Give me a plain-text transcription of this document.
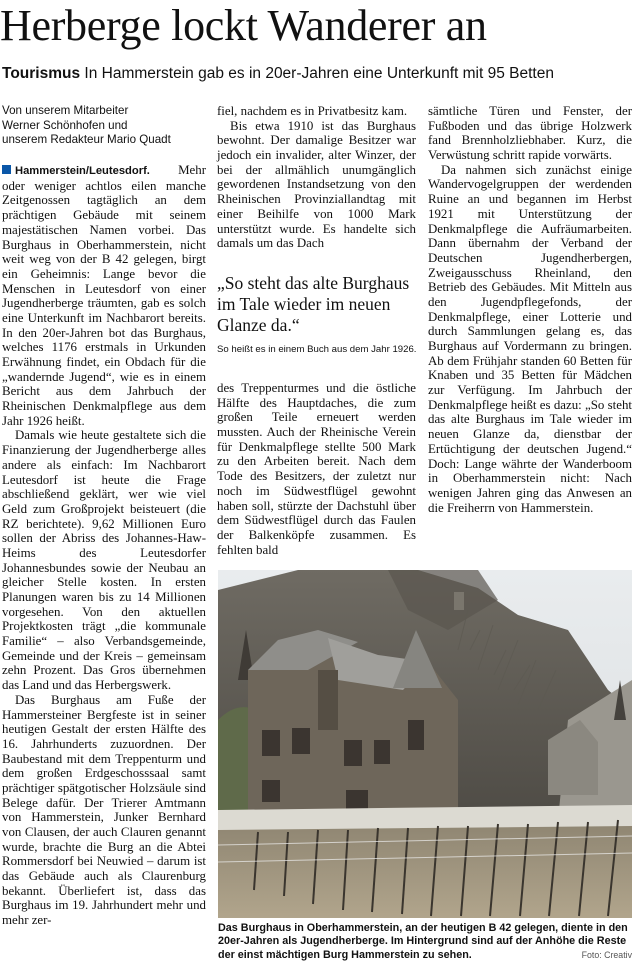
Herberge lockt Wanderer an
Tourismus In Hammerstein gab es in 20er-Jahren eine Unterkunft mit 95 Betten
Von unserem Mitarbeiter
Werner Schönhofen und
unserem Redakteur Mario Quadt

Hammerstein/Leutesdorf. Mehr oder weniger achtlos eilen manche Zeitgenossen tagtäglich an dem prächtigen Gebäude mit seinem majestätischen Namen vorbei. Das Burghaus in Oberhammerstein, nicht weit weg von der B 42 gelegen, birgt ein Geheimnis: Lange bevor die Menschen in Leutesdorf von einer Jugendherberge träumten, gab es solch eine Unterkunft im Nachbarort bereits. In den 20er-Jahren bot das Burghaus, welches 1176 erstmals in Urkunden Erwähnung findet, ein Obdach für die „wandernde Jugend“, wie es in einem Bericht aus dem Jahrbuch der Rheinischen Denkmalpflege aus dem Jahr 1926 heißt.

Damals wie heute gestaltete sich die Finanzierung der Jugendherberge alles andere als einfach: Im Nachbarort Leutesdorf ist heute die Frage abschließend geklärt, wer wie viel Geld zum Großprojekt beisteuert (die RZ berichtete). 9,62 Millionen Euro sollen der Abriss des Johannes-Haw-Heims des Leutesdorfer Johannesbundes sowie der Neubau an gleicher Stelle kosten. In ersten Planungen waren bis zu 14 Millionen vorgesehen. Von den aktuellen Projektkosten trägt „die kommunale Familie“ – also Verbandsgemeinde, Gemeinde und der Kreis – gemeinsam zehn Prozent. Das Gros übernehmen das Land und das Herbergswerk.

Das Burghaus am Fuße der Hammersteiner Bergfeste ist in seiner heutigen Gestalt der ersten Hälfte des 16. Jahrhunderts zuzuordnen. Der Baubestand mit dem Treppenturm und dem großen Erdgeschosssaal samt prächtiger spätgotischer Holzsäule sind Belege dafür. Der Trierer Amtmann von Hammerstein, Junker Bernhard von Clausen, der auch Clauren genannt wurde, brachte die Burg an die Abtei Rommersdorf bei Neuwied – darum ist das Gebäude auch als Claurenburg bekannt. Überliefert ist, dass das Burghaus im 19. Jahrhundert mehr und mehr zer-

fiel, nachdem es in Privatbesitz kam.

Bis etwa 1910 ist das Burghaus bewohnt. Der damalige Besitzer war jedoch ein invalider, alter Winzer, der bei der allmählich unumgänglich gewordenen Instandsetzung von den Rheinischen Provinziallandtag mit einer Beihilfe von 1000 Mark unterstützt wurde. Es handelte sich damals um das Dach

„So steht das alte Burghaus im Tale wieder im neuen Glanze da.“

So heißt es in einem Buch aus dem Jahr 1926.

des Treppenturmes und die östliche Hälfte des Hauptdaches, die zum großen Teile erneuert werden mussten. Auch der Rheinische Verein für Denkmalpflege stellte 500 Mark zu den Arbeiten bereit. Nach dem Tode des Besitzers, der zuletzt nur noch im Südwestflügel gewohnt haben soll, stürzte der Dachstuhl über dem Südwestflügel durch das Faulen der Balkenköpfe zusammen. Es fehlten bald

sämtliche Türen und Fenster, der Fußboden und das übrige Holzwerk fand Brennholzliebhaber. Kurz, die Verwüstung schritt rapide vorwärts.

Da nahmen sich zunächst einige Wandervogelgruppen der werdenden Ruine an und begannen im Herbst 1921 mit Unterstützung der Denkmalpflege die Aufräumarbeiten. Dann übernahm der Verband der Deutschen Jugendherbergen, Zweigausschuss Rheinland, den Betrieb des Gebäudes. Mit Mitteln aus den Jugendpflegefonds, der Denkmalpflege, einer Lotterie und durch Sammlungen gelang es, das Burghaus auf Vordermann zu bringen. Ab dem Frühjahr standen 60 Betten für Knaben und 35 Betten für Mädchen zur Verfügung. Im Jahrbuch der Denkmalpflege heißt es dazu: „So steht das alte Burghaus im Tale wieder im neuen Glanze da, dienstbar der Ertüchtigung der deutschen Jugend.“ Doch: Lange währte der Wanderboom in Oberhammerstein nicht: Nach wenigen Jahren ging das Anwesen an die Freiherrn von Hammerstein.

Das Burghaus in Oberhammerstein, an der heutigen B 42 gelegen, diente in den 20er-Jahren als Jugendherberge. Im Hintergrund sind auf der Anhöhe die Reste der einst mächtigen Burg Hammerstein zu sehen.	Foto: Creativ
